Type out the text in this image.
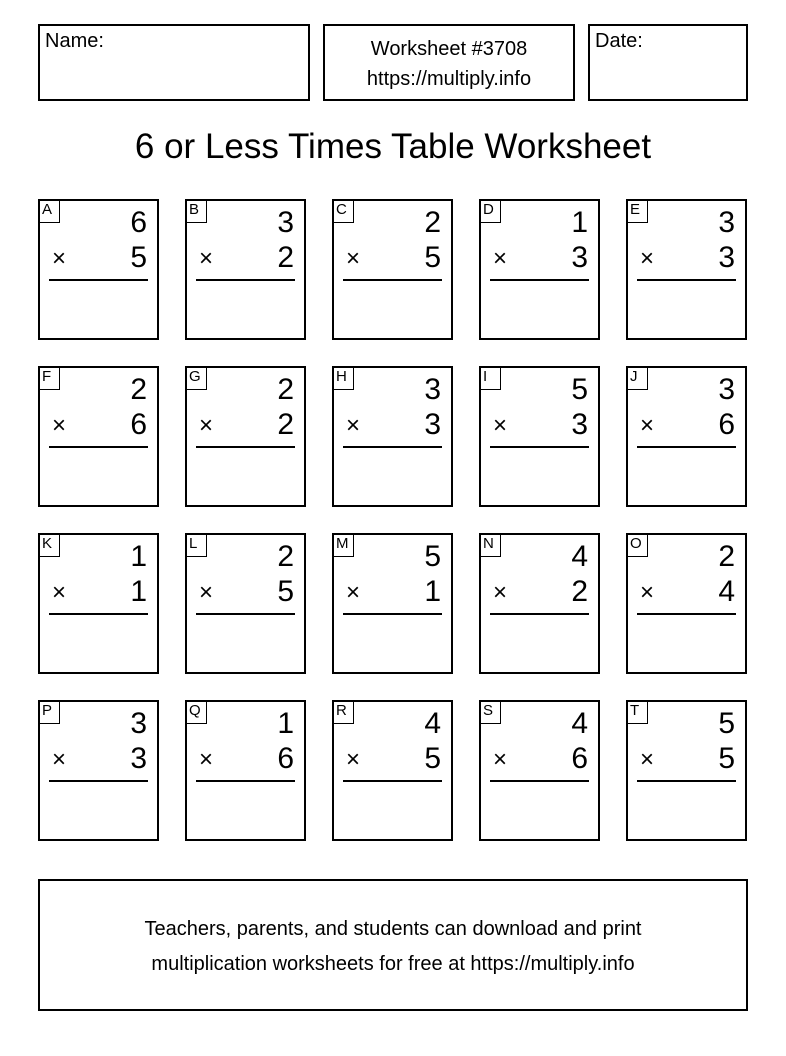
Name:	Worksheet #3708
https://multiply.info
Date:
6 or Less Times Table Worksheet
A	6
× 5
B	3
× 2
C	2
× 5
D	1
× 3
E	3
× 3
F	2
× 6
G	2
× 2
H	3
× 3
I	5
× 3
J	3
× 6
K	1
× 1
L	2
× 5
M	5
× 1
N	4
× 2
O	2
× 4
P	3
× 3
Q	1
× 6
R	4
× 5
S	4
× 6
T	5
× 5
Teachers, parents, and students can download and print
multiplication worksheets for free at https://multiply.info
